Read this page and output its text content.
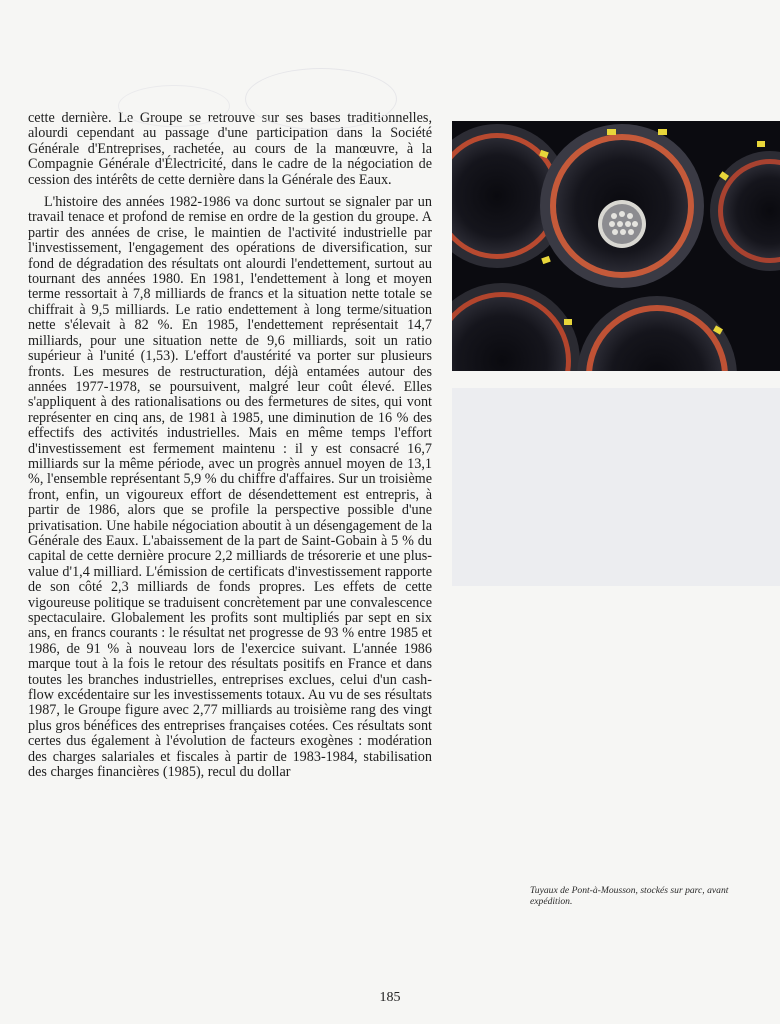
cette dernière. Le Groupe se retrouve sur ses bases traditionnelles, alourdi cependant au passage d'une participation dans la Société Générale d'Entreprises, rachetée, au cours de la manœuvre, à la Compagnie Générale d'Électricité, dans le cadre de la négociation de cession des intérêts de cette dernière dans la Générale des Eaux.

L'histoire des années 1982-1986 va donc surtout se signaler par un travail tenace et profond de remise en ordre de la gestion du groupe. A partir des années de crise, le maintien de l'activité industrielle par l'investissement, l'engagement des opérations de diversification, sur fond de dégradation des résultats ont alourdi l'endettement, surtout au tournant des années 1980. En 1981, l'endettement à long et moyen terme ressortait à 7,8 milliards de francs et la situation nette totale se chiffrait à 9,5 milliards. Le ratio endettement à long terme/situation nette s'élevait à 82 %. En 1985, l'endettement représentait 14,7 milliards, pour une situation nette de 9,6 milliards, soit un ratio supérieur à l'unité (1,53). L'effort d'austérité va porter sur plusieurs fronts. Les mesures de restructuration, déjà entamées autour des années 1977-1978, se poursuivent, malgré leur coût élevé. Elles s'appliquent à des rationalisations ou des fermetures de sites, qui vont représenter en cinq ans, de 1981 à 1985, une diminution de 16 % des effectifs des activités industrielles. Mais en même temps l'effort d'investissement est fermement maintenu : il y est consacré 16,7 milliards sur la même période, avec un progrès annuel moyen de 13,1 %, l'ensemble représentant 5,9 % du chiffre d'affaires. Sur un troisième front, enfin, un vigoureux effort de désendettement est entrepris, à partir de 1986, alors que se profile la perspective possible d'une privatisation. Une habile négociation aboutit à un désengagement de la Générale des Eaux. L'abaissement de la part de Saint-Gobain à 5 % du capital de cette dernière procure 2,2 milliards de trésorerie et une plus-value d'1,4 milliard. L'émission de certificats d'investissement rapporte de son côté 2,3 milliards de fonds propres. Les effets de cette vigoureuse politique se traduisent concrètement par une convalescence spectaculaire. Globalement les profits sont multipliés par sept en six ans, en francs courants : le résultat net progresse de 93 % entre 1985 et 1986, de 91 % à nouveau lors de l'exercice suivant. L'année 1986 marque tout à la fois le retour des résultats positifs en France et dans toutes les branches industrielles, entreprises exclues, celui d'un cash-flow excédentaire sur les investissements totaux. Au vu de ses résultats 1987, le Groupe figure avec 2,77 milliards au troisième rang des vingt plus gros bénéfices des entreprises françaises cotées. Ces résultats sont certes dus également à l'évolution de facteurs exogènes : modération des charges salariales et fiscales à partir de 1983-1984, stabilisation des charges financières (1985), recul du dollar

Tuyaux de Pont-à-Mousson, stockés sur parc, avant expédition.
185
